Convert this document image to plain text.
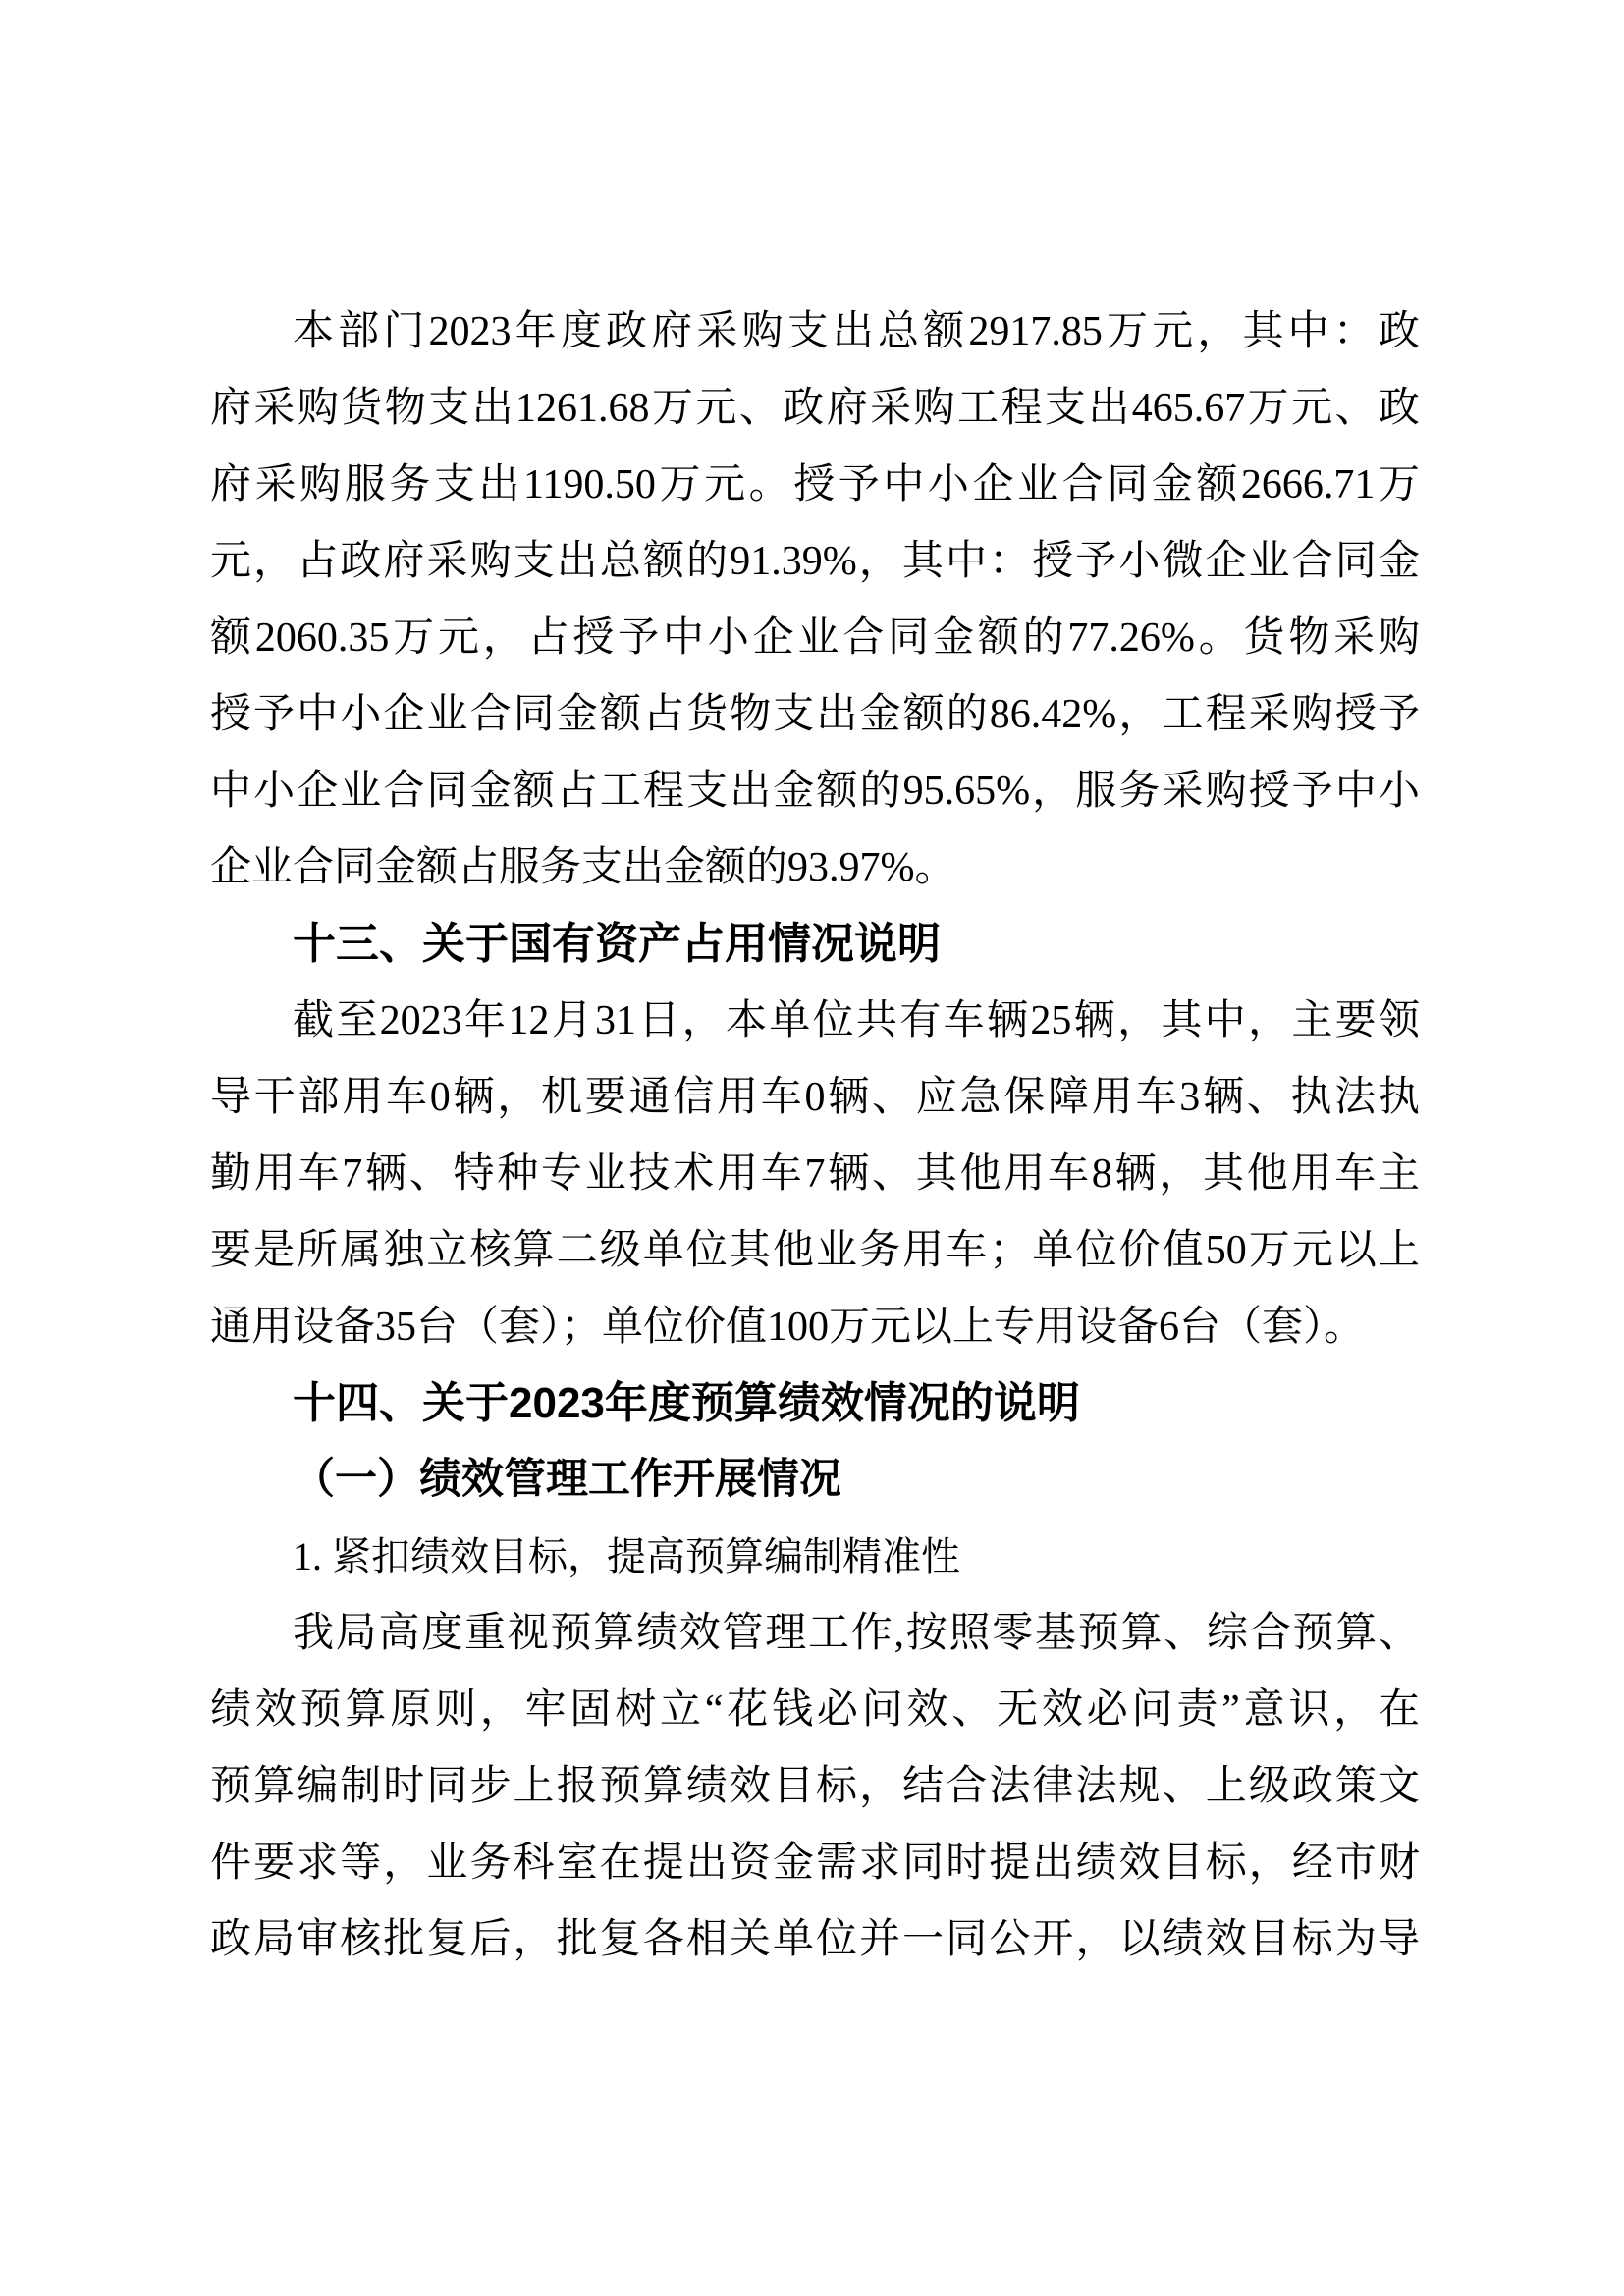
本部门2023年度政府采购支出总额2917.85万元，其中：政
府采购货物支出1261.68万元、政府采购工程支出465.67万元、政
府采购服务支出1190.50万元。授予中小企业合同金额2666.71万
元，占政府采购支出总额的91.39%，其中：授予小微企业合同金
额2060.35万元，占授予中小企业合同金额的77.26%。货物采购
授予中小企业合同金额占货物支出金额的86.42%，工程采购授予
中小企业合同金额占工程支出金额的95.65%，服务采购授予中小
企业合同金额占服务支出金额的93.97%。
十三、关于国有资产占用情况说明
截至2023年12月31日，本单位共有车辆25辆，其中，主要领
导干部用车0辆，机要通信用车0辆、应急保障用车3辆、执法执
勤用车7辆、特种专业技术用车7辆、其他用车8辆，其他用车主
要是所属独立核算二级单位其他业务用车；单位价值50万元以上
通用设备35台（套）；单位价值100万元以上专用设备6台（套）。
十四、关于2023年度预算绩效情况的说明
（一）绩效管理工作开展情况
1. 紧扣绩效目标，提高预算编制精准性
我局高度重视预算绩效管理工作,按照零基预算、综合预算、
绩效预算原则，牢固树立“花钱必问效、无效必问责”意识，在
预算编制时同步上报预算绩效目标，结合法律法规、上级政策文
件要求等，业务科室在提出资金需求同时提出绩效目标，经市财
政局审核批复后，批复各相关单位并一同公开，以绩效目标为导
